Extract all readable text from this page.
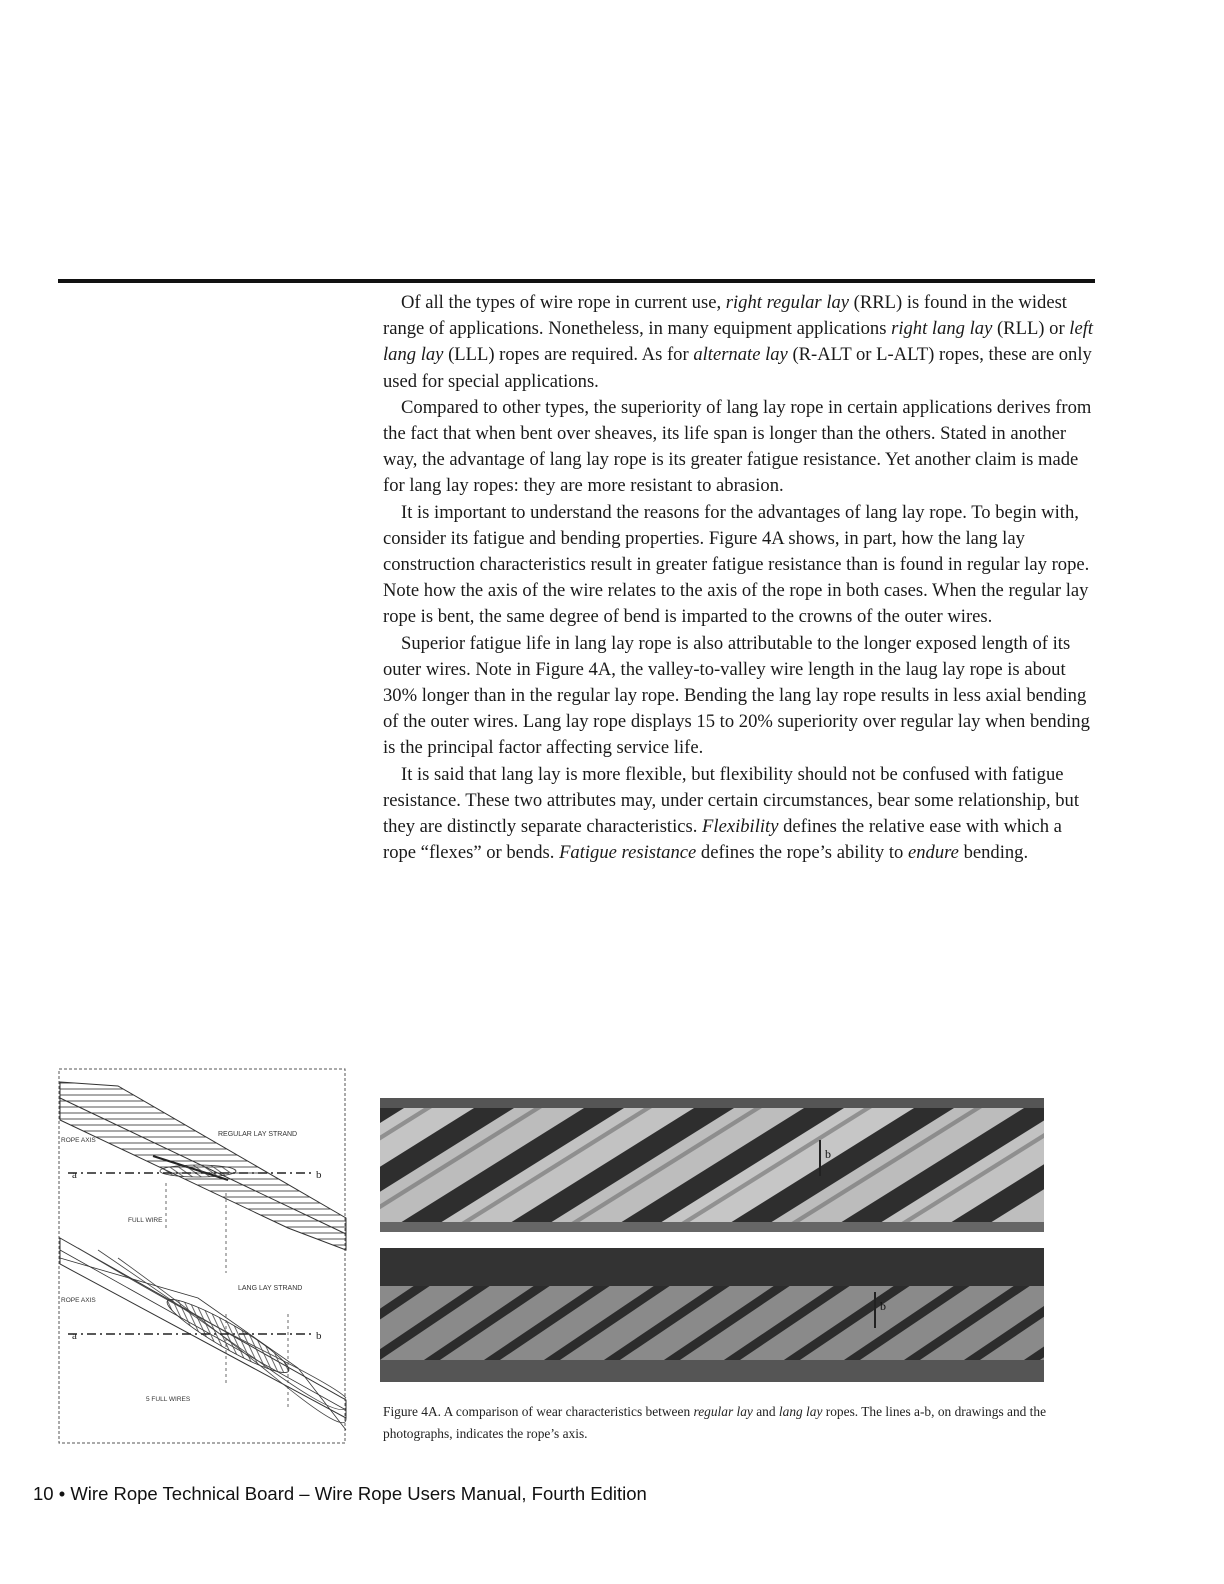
Of all the types of wire rope in current use, right regular lay (RRL) is found in the widest range of applications. Nonetheless, in many equipment applications right lang lay (RLL) or left lang lay (LLL) ropes are required. As for alternate lay (R-ALT or L-ALT) ropes, these are only used for special applications.

Compared to other types, the superiority of lang lay rope in certain applications derives from the fact that when bent over sheaves, its life span is longer than the others. Stated in another way, the advantage of lang lay rope is its greater fatigue resistance. Yet another claim is made for lang lay ropes: they are more resistant to abrasion.

It is important to understand the reasons for the advantages of lang lay rope. To begin with, consider its fatigue and bending properties. Figure 4A shows, in part, how the lang lay construction characteristics result in greater fatigue resistance than is found in regular lay rope. Note how the axis of the wire relates to the axis of the rope in both cases. When the regular lay rope is bent, the same degree of bend is imparted to the crowns of the outer wires.

Superior fatigue life in lang lay rope is also attributable to the longer exposed length of its outer wires. Note in Figure 4A, the valley-to-valley wire length in the laug lay rope is about 30% longer than in the regular lay rope. Bending the lang lay rope results in less axial bending of the outer wires. Lang lay rope displays 15 to 20% superiority over regular lay when bending is the principal factor affecting service life.

It is said that lang lay is more flexible, but flexibility should not be confused with fatigue resistance. These two attributes may, under certain circumstances, bear some relationship, but they are distinctly separate characteristics. Flexibility defines the relative ease with which a rope “flexes” or bends. Fatigue resistance defines the rope’s ability to endure bending.

REGULAR LAY STRAND
ROPE AXIS
a	b
FULL WIRE
LANG LAY STRAND
ROPE AXIS
a	b
5 FULL WIRES
b
b
Figure 4A. A comparison of wear characteristics between regular lay and lang lay ropes. The lines a-b, on drawings and the photographs, indicates the rope’s axis.
10 • Wire Rope Technical Board – Wire Rope Users Manual, Fourth Edition
